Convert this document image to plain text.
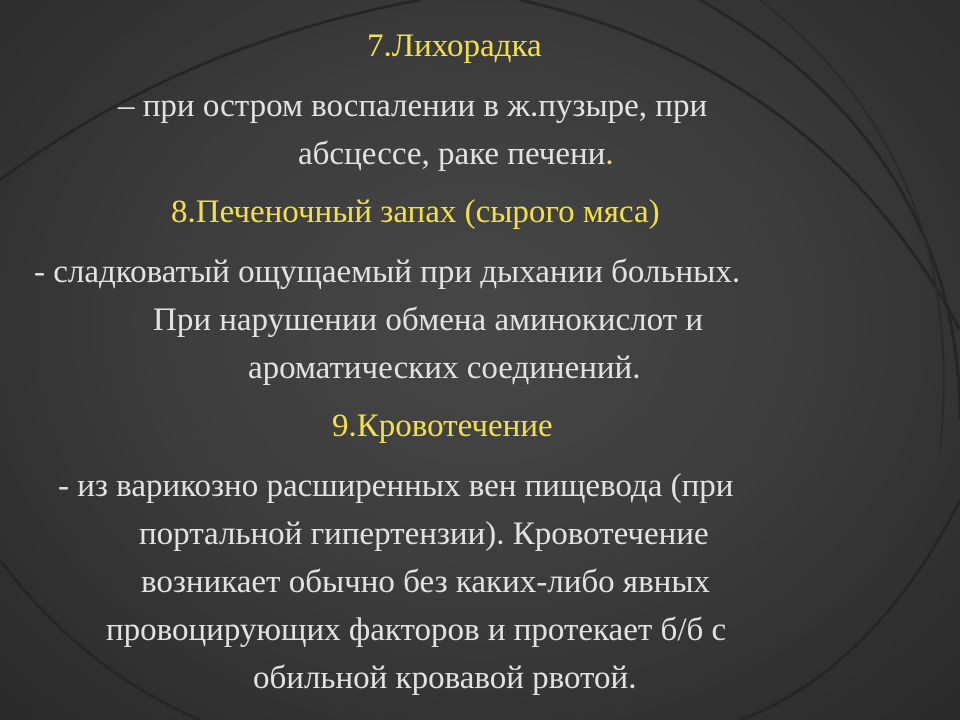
7.Лихорадка
– при остром воспалении в ж.пузыре, при
абсцессе, раке печени.
8.Печеночный запах (сырого мяса)
- сладковатый ощущаемый при дыхании больных.
При нарушении обмена аминокислот и
ароматических соединений.
9.Кровотечение
- из варикозно расширенных вен пищевода (при
портальной гипертензии). Кровотечение
возникает обычно без каких-либо явных
провоцирующих факторов и протекает б/б с
обильной кровавой рвотой.
